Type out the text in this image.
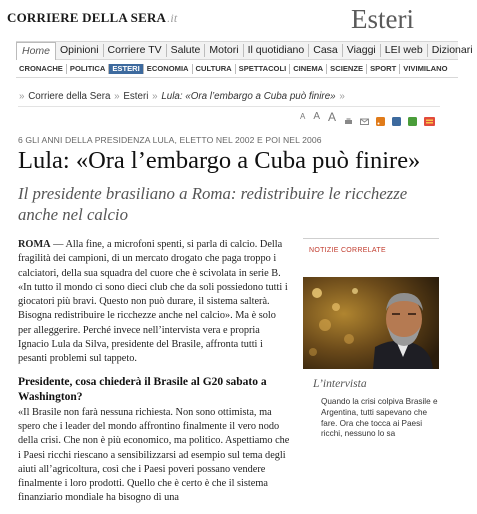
CORRIERE DELLA SERA.it	Esteri
Home Opinioni Corriere TV Salute Motori Il quotidiano Casa Viaggi LEI web Dizionari
CRONACHE POLITICA ESTERI ECONOMIA CULTURA SPETTACOLI CINEMA SCIENZE SPORT VIVIMILANO
» Corriere della Sera » Esteri » Lula: «Ora l’embargo a Cuba può finire» »
A A A
6 GLI ANNI DELLA PRESIDENZA LULA, ELETTO NEL 2002 E POI NEL 2006
Lula: «Ora l’embargo a Cuba può finire»
Il presidente brasiliano a Roma: redistribuire le ricchezze anche nel calcio

ROMA — Alla fine, a microfoni spenti, si parla di calcio. Della fragilità dei campioni, di un mercato drogato che paga troppo i calciatori, della sua squadra del cuore che è scivolata in serie B. «In tutto il mondo ci sono dieci club che da soli possiedono tutti i giocatori più bravi. Questo non può durare, il sistema salterà. Bisogna redistribuire le ricchezze anche nel calcio». Ma è solo per alleggerire. Perché invece nell’intervista vera e propria Ignacio Lula da Silva, presidente del Brasile, affronta tutti i pesanti problemi sul tappeto.

Presidente, cosa chiederà il Brasile al G20 sabato a Washington?

«Il Brasile non farà nessuna richiesta. Non sono ottimista, ma spero che i leader del mondo affrontino finalmente il vero nodo della crisi. Che non è più economico, ma politico. Aspettiamo che i Paesi ricchi riescano a sensibilizzarsi ad esempio sul tema degli aiuti all’agricoltura, così che i Paesi poveri possano vendere finalmente i loro prodotti. Quello che è certo è che il sistema finanziario mondiale ha bisogno di una

NOTIZIE CORRELATE
L’intervista
Quando la crisi colpiva Brasile e Argentina, tutti sapevano che fare. Ora che tocca ai Paesi ricchi, nessuno lo sa
